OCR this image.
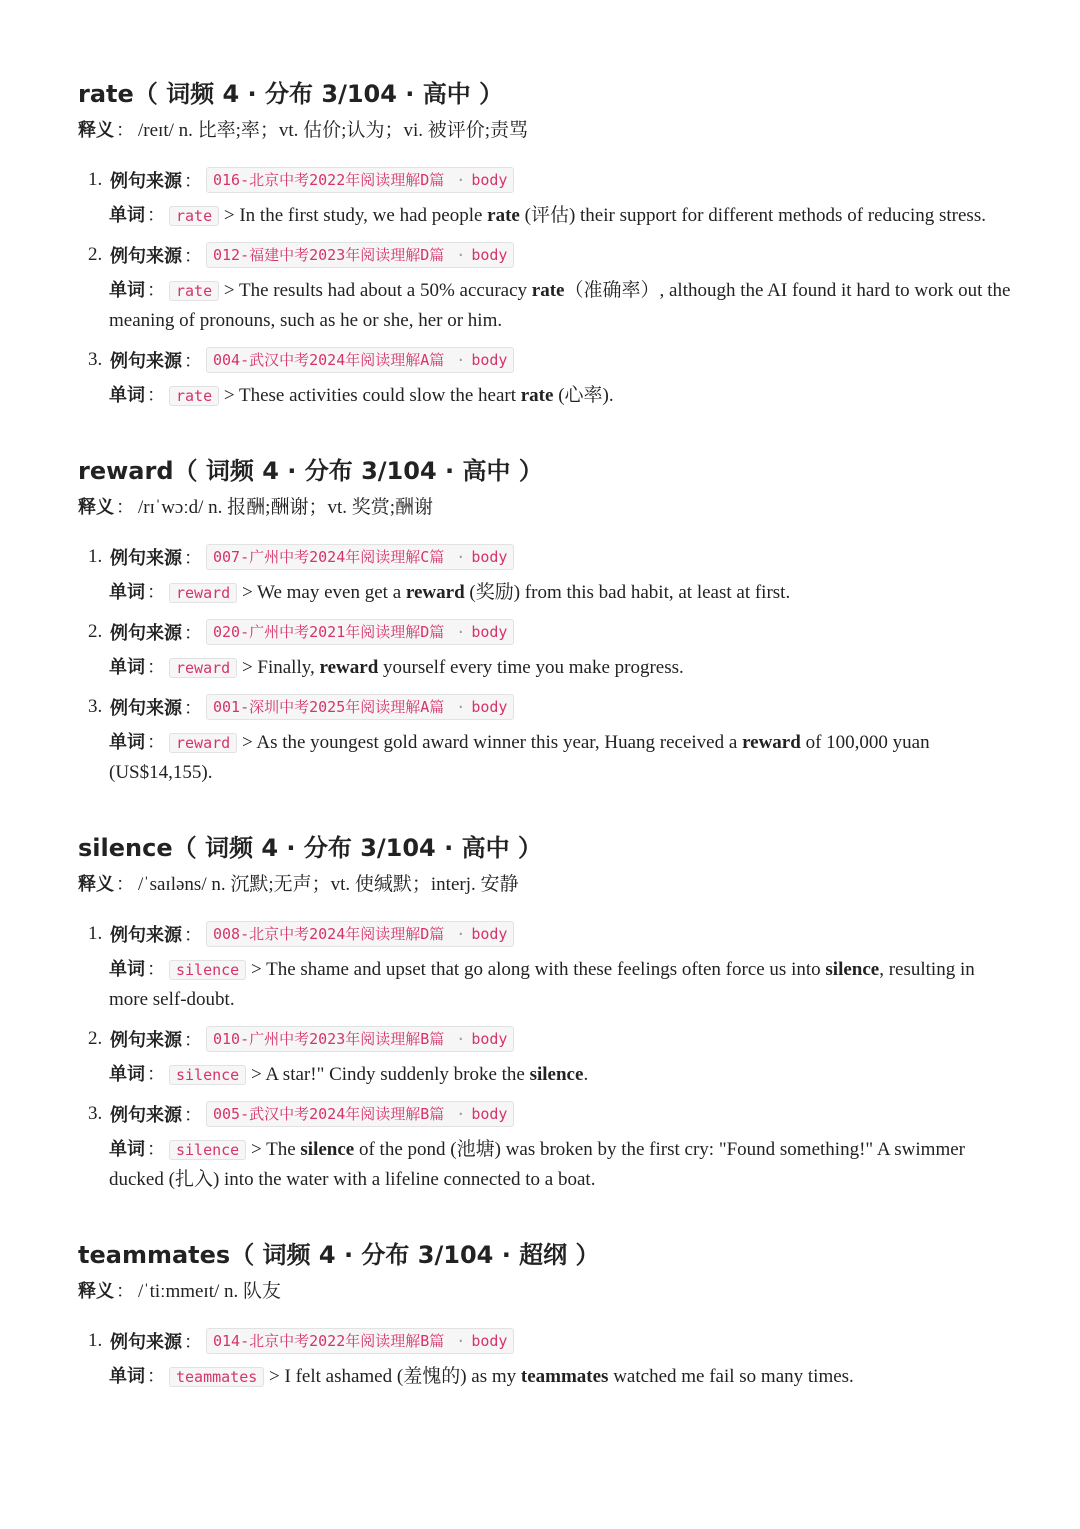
rate（ 词频 4 · 分布 3/104 · 高中 ）
释义 ： /reɪt/ n. 比率;率；vt. 估价;认为；vi. 被评价;责骂
1. 例句来源 ： 016-北京中考2022年阅读理解D篇 · body
单词 ： rate > In the first study, we had people rate (评估) their support for different methods of reducing stress.
2. 例句来源 ： 012-福建中考2023年阅读理解D篇 · body
单词 ： rate > The results had about a 50% accuracy rate（准确率）, although the AI found it hard to work out the meaning of pronouns, such as he or she, her or him.
3. 例句来源 ： 004-武汉中考2024年阅读理解A篇 · body
单词 ： rate > These activities could slow the heart rate (心率).
reward（ 词频 4 · 分布 3/104 · 高中 ）
释义 ： /rɪˈwɔːd/ n. 报酬;酬谢；vt. 奖赏;酬谢
1. 例句来源 ： 007-广州中考2024年阅读理解C篇 · body
单词 ： reward > We may even get a reward (奖励) from this bad habit, at least at first.
2. 例句来源 ： 020-广州中考2021年阅读理解D篇 · body
单词 ： reward > Finally, reward yourself every time you make progress.
3. 例句来源 ： 001-深圳中考2025年阅读理解A篇 · body
单词 ： reward > As the youngest gold award winner this year, Huang received a reward of 100,000 yuan (US$14,155).
silence（ 词频 4 · 分布 3/104 · 高中 ）
释义 ： /ˈsaɪləns/ n. 沉默;无声；vt. 使缄默；interj. 安静
1. 例句来源 ： 008-北京中考2024年阅读理解D篇 · body
单词 ： silence > The shame and upset that go along with these feelings often force us into silence, resulting in more self-doubt.
2. 例句来源 ： 010-广州中考2023年阅读理解B篇 · body
单词 ： silence > A star!" Cindy suddenly broke the silence.
3. 例句来源 ： 005-武汉中考2024年阅读理解B篇 · body
单词 ： silence > The silence of the pond (池塘) was broken by the first cry: "Found something!" A swimmer ducked (扎入) into the water with a lifeline connected to a boat.
teammates（ 词频 4 · 分布 3/104 · 超纲 ）
释义 ： /ˈtiːmmeɪt/ n. 队友
1. 例句来源 ： 014-北京中考2022年阅读理解B篇 · body
单词 ： teammates > I felt ashamed (羞愧的) as my teammates watched me fail so many times.
